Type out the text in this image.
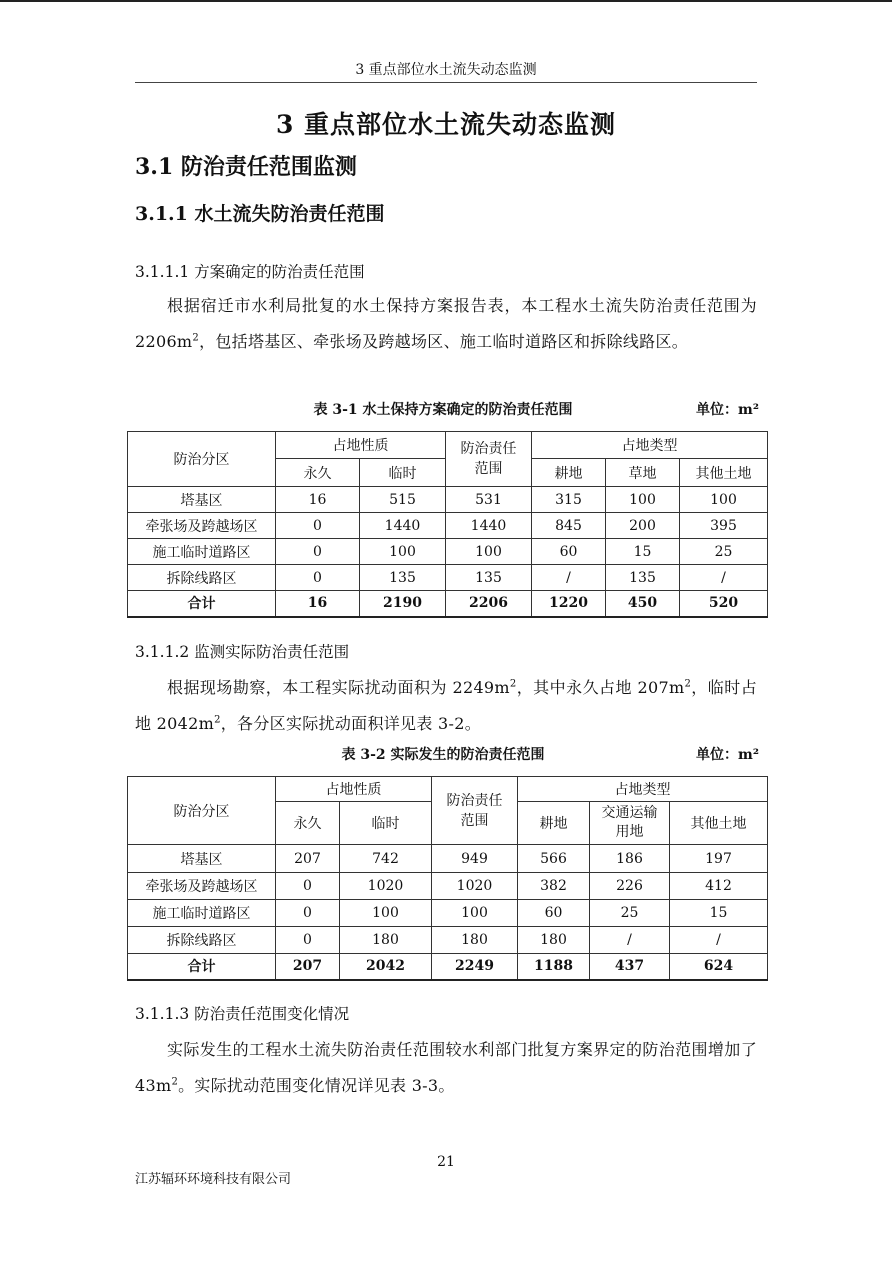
3 重点部位水土流失动态监测
3 重点部位水土流失动态监测
3.1 防治责任范围监测
3.1.1 水土流失防治责任范围
3.1.1.1 方案确定的防治责任范围
根据宿迁市水利局批复的水土保持方案报告表，本工程水土流失防治责任范围为 $2206m^2$，包括塔基区、牵张场及跨越场区、施工临时道路区和拆除线路区。
表 3-1 水土保持方案确定的防治责任范围	单位：m²
防治分区	占地性质		防治责任范围	占地类型		
	永久	临时		耕地	草地	其他土地
塔基区	16	515	531	315	100	100
牵张场及跨越场区	0	1440	1440	845	200	395
施工临时道路区	0	100	100	60	15	25
拆除线路区	0	135	135	/	135	/
合计	16	2190	2206	1220	450	520
3.1.1.2 监测实际防治责任范围
根据现场勘察，本工程实际扰动面积为 $2249m^2$，其中永久占地 $207m^2$，临时占地 $2042m^2$，各分区实际扰动面积详见表 3-2。
表 3-2 实际发生的防治责任范围	单位：m²
防治分区	占地性质		防治责任范围	占地类型		
	永久	临时		耕地	交通运输用地	其他土地
塔基区	207	742	949	566	186	197
牵张场及跨越场区	0	1020	1020	382	226	412
施工临时道路区	0	100	100	60	25	15
拆除线路区	0	180	180	180	/	/
合计	207	2042	2249	1188	437	624
3.1.1.3 防治责任范围变化情况
实际发生的工程水土流失防治责任范围较水利部门批复方案界定的防治范围增加了 $43m^2$。实际扰动范围变化情况详见表 3-3。
21
江苏辐环环境科技有限公司
